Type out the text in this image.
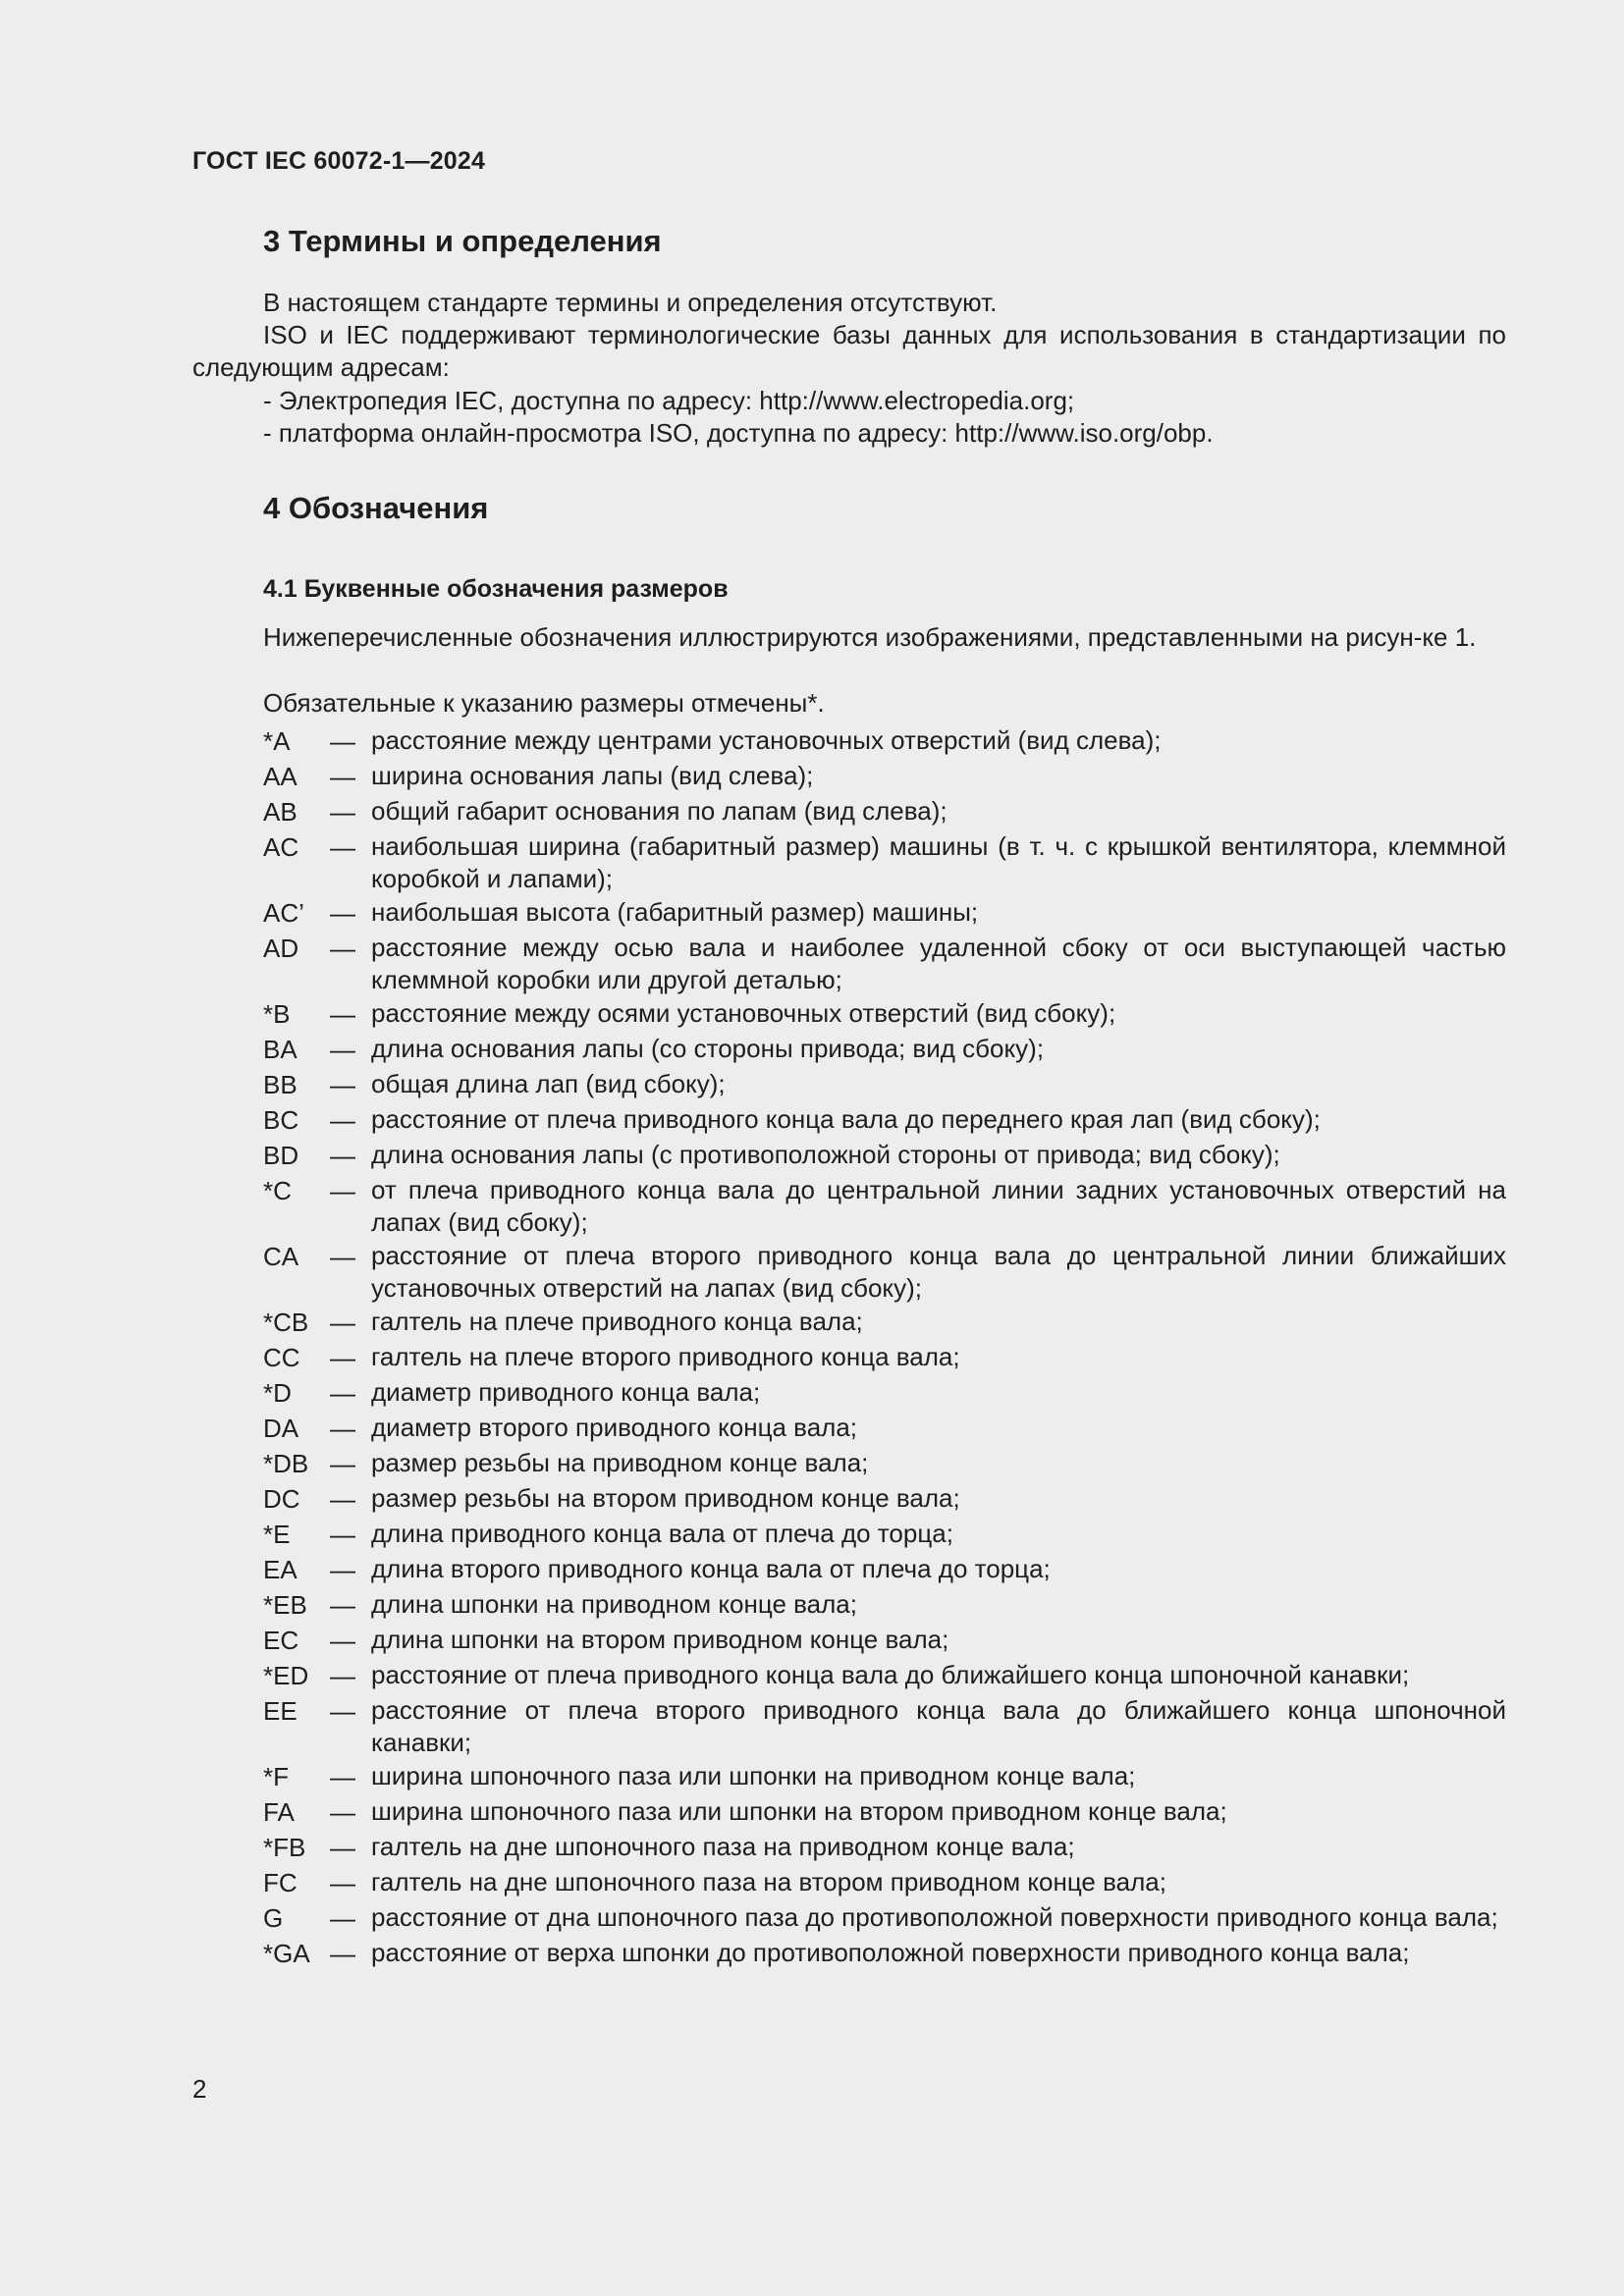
ГОСТ IEC 60072-1—2024
3 Термины и определения
В настоящем стандарте термины и определения отсутствуют.
ISO и IEC поддерживают терминологические базы данных для использования в стандартизации по следующим адресам:
- Электропедия IEC, доступна по адресу: http://www.electropedia.org;
- платформа онлайн-просмотра ISO, доступна по адресу: http://www.iso.org/obp.
4 Обозначения
4.1 Буквенные обозначения размеров
Нижеперечисленные обозначения иллюстрируются изображениями, представленными на рисун-ке 1.
Обязательные к указанию размеры отмечены*.
*A	— расстояние между центрами установочных отверстий (вид слева);
AA	— ширина основания лапы (вид слева);
AB	— общий габарит основания по лапам (вид слева);
AC	— наибольшая ширина (габаритный размер) машины (в т. ч. с крышкой вентилятора, клеммной коробкой и лапами);
AC’	— наибольшая высота (габаритный размер) машины;
AD	— расстояние между осью вала и наиболее удаленной сбоку от оси выступающей частью клеммной коробки или другой деталью;
*B	— расстояние между осями установочных отверстий (вид сбоку);
BA	— длина основания лапы (со стороны привода; вид сбоку);
BB	— общая длина лап (вид сбоку);
BC	— расстояние от плеча приводного конца вала до переднего края лап (вид сбоку);
BD	— длина основания лапы (с противоположной стороны от привода; вид сбоку);
*C	— от плеча приводного конца вала до центральной линии задних установочных отверстий на лапах (вид сбоку);
CA	— расстояние от плеча второго приводного конца вала до центральной линии ближайших установочных отверстий на лапах (вид сбоку);
*CB — галтель на плече приводного конца вала;
CC	— галтель на плече второго приводного конца вала;
*D	— диаметр приводного конца вала;
DA	— диаметр второго приводного конца вала;
*DB — размер резьбы на приводном конце вала;
DC	— размер резьбы на втором приводном конце вала;
*E	— длина приводного конца вала от плеча до торца;
EA	— длина второго приводного конца вала от плеча до торца;
*EB — длина шпонки на приводном конце вала;
EC	— длина шпонки на втором приводном конце вала;
*ED — расстояние от плеча приводного конца вала до ближайшего конца шпоночной канавки;
EE	— расстояние от плеча второго приводного конца вала до ближайшего конца шпоночной канавки;
*F	— ширина шпоночного паза или шпонки на приводном конце вала;
FA	— ширина шпоночного паза или шпонки на втором приводном конце вала;
*FB — галтель на дне шпоночного паза на приводном конце вала;
FC	— галтель на дне шпоночного паза на втором приводном конце вала;
G	— расстояние от дна шпоночного паза до противоположной поверхности приводного конца вала;
*GA — расстояние от верха шпонки до противоположной поверхности приводного конца вала;
2
